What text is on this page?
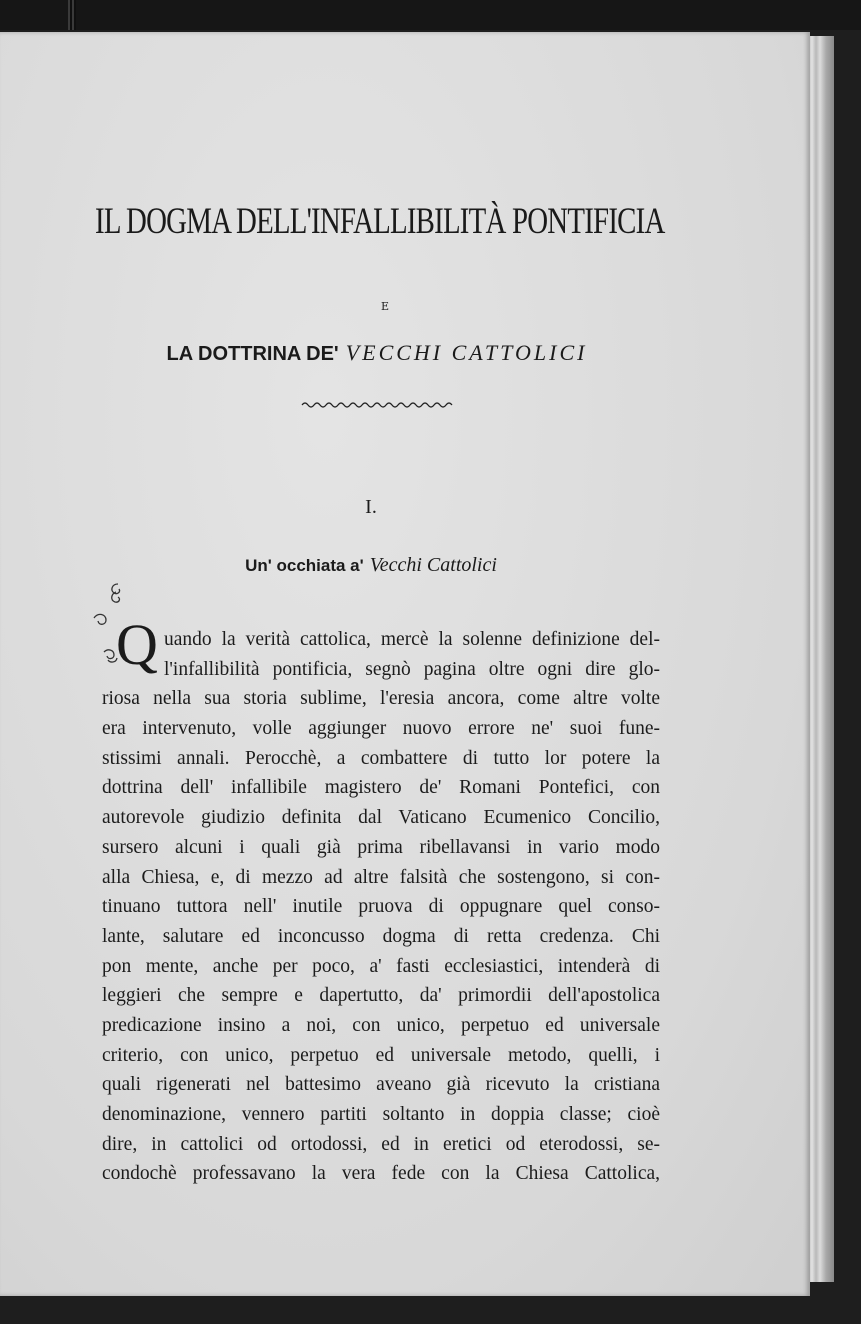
IL DOGMA DELL'INFALLIBILITÀ PONTIFICIA
E
LA DOTTRINA DE' VECCHI CATTOLICI
I.
Un' occhiata a' Vecchi Cattolici
Q uando la verità cattolica, mercè la solenne definizione del-
l'infallibilità pontificia, segnò pagina oltre ogni dire glo-
riosa nella sua storia sublime, l'eresia ancora, come altre volte
era intervenuto, volle aggiunger nuovo errore ne' suoi fune-
stissimi annali. Perocchè, a combattere di tutto lor potere la
dottrina dell' infallibile magistero de' Romani Pontefici, con
autorevole giudizio definita dal Vaticano Ecumenico Concilio,
sursero alcuni i quali già prima ribellavansi in vario modo
alla Chiesa, e, di mezzo ad altre falsità che sostengono, si con-
tinuano tuttora nell' inutile pruova di oppugnare quel conso-
lante, salutare ed inconcusso dogma di retta credenza. Chi
pon mente, anche per poco, a' fasti ecclesiastici, intenderà di
leggieri che sempre e dapertutto, da' primordii dell'apostolica
predicazione insino a noi, con unico, perpetuo ed universale
criterio, con unico, perpetuo ed universale metodo, quelli, i
quali rigenerati nel battesimo aveano già ricevuto la cristiana
denominazione, vennero partiti soltanto in doppia classe; cioè
dire, in cattolici od ortodossi, ed in eretici od eterodossi, se-
condochè professavano la vera fede con la Chiesa Cattolica,
